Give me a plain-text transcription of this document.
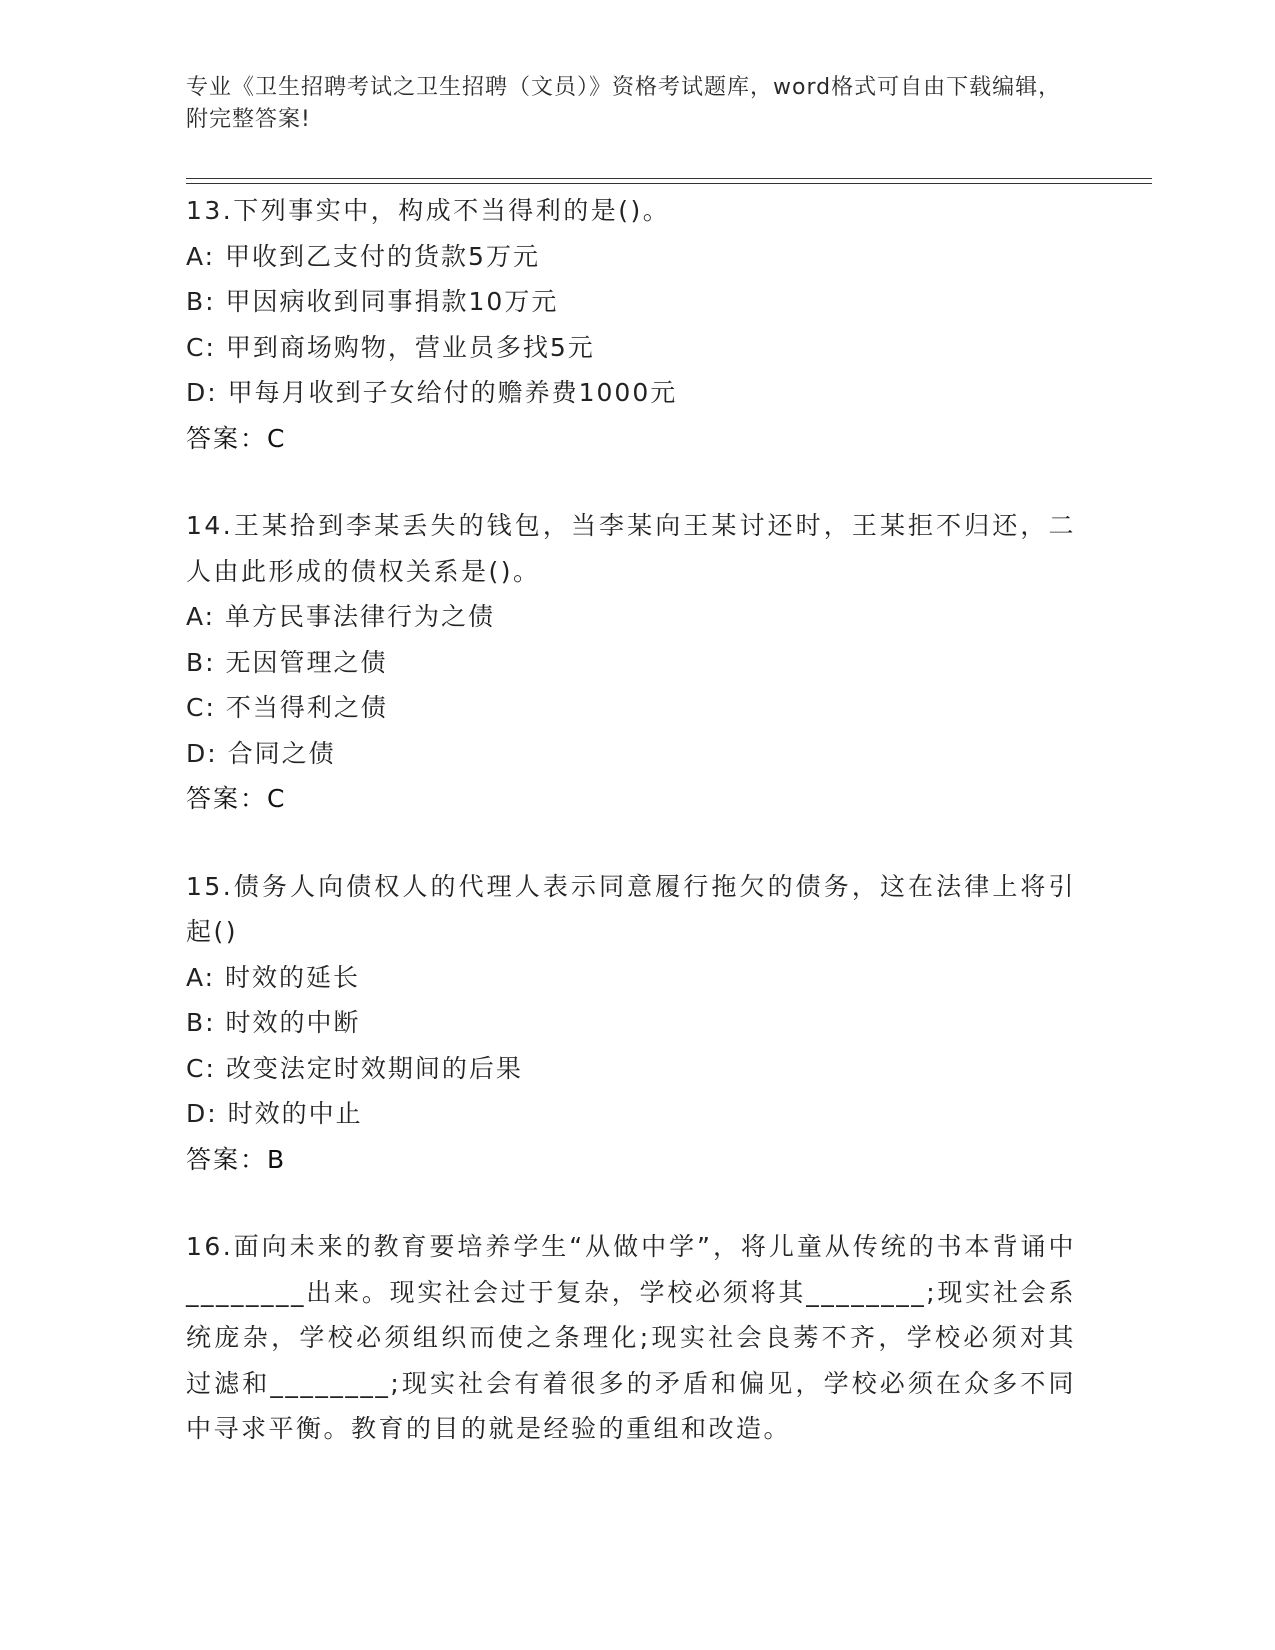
专业《卫生招聘考试之卫生招聘（文员）》资格考试题库，word格式可自由下载编辑，附完整答案!
13.下列事实中，构成不当得利的是()。
A: 甲收到乙支付的货款5万元
B: 甲因病收到同事捐款10万元
C: 甲到商场购物，营业员多找5元
D: 甲每月收到子女给付的赡养费1000元
答案：C
14.王某拾到李某丢失的钱包，当李某向王某讨还时，王某拒不归还，二人由此形成的债权关系是()。
A: 单方民事法律行为之债
B: 无因管理之债
C: 不当得利之债
D: 合同之债
答案：C
15.债务人向债权人的代理人表示同意履行拖欠的债务，这在法律上将引起()
A: 时效的延长
B: 时效的中断
C: 改变法定时效期间的后果
D: 时效的中止
答案：B
16.面向未来的教育要培养学生“从做中学”，将儿童从传统的书本背诵中________出来。现实社会过于复杂，学校必须将其________;现实社会系统庞杂，学校必须组织而使之条理化;现实社会良莠不齐，学校必须对其过滤和________;现实社会有着很多的矛盾和偏见，学校必须在众多不同中寻求平衡。教育的目的就是经验的重组和改造。
